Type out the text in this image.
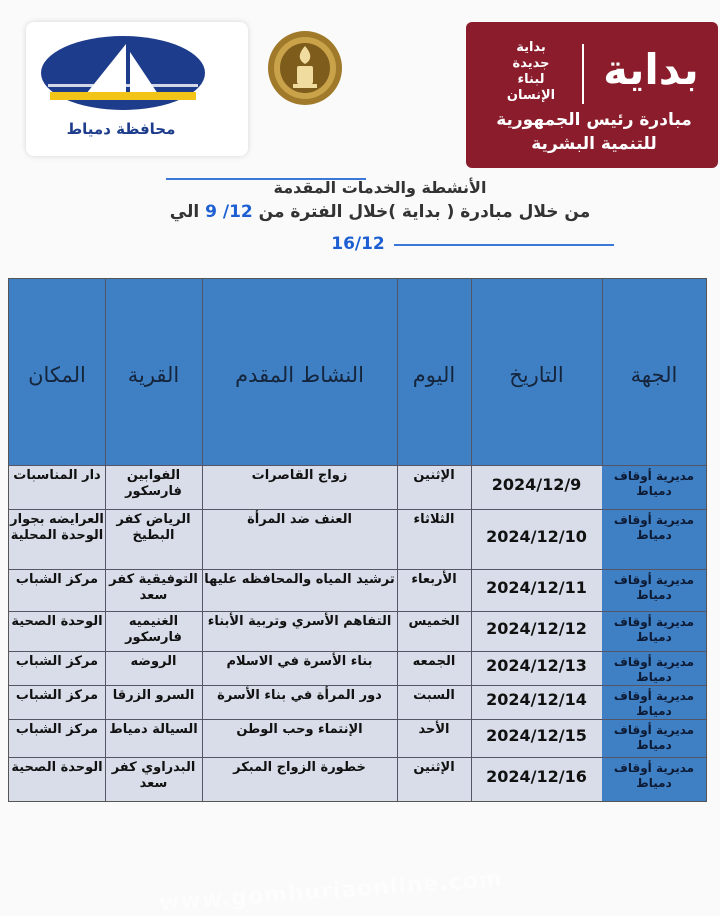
محافظة دمياط
بداية
جديدة
لبناء
الإنسان
بداية
مبادرة رئيس الجمهورية
للتنمية البشرية
الأنشطة والخدمات المقدمة
من خلال مبادرة ( بداية )خلال الفترة من 12/ 9 الي
16/12
www.gomhuriaonline.com
الجهة
التاريخ
اليوم
النشاط المقدم
القرية
المكان
مديرية أوقاف دمياط
2024/12/9
الإثنين
زواج القاصرات
الفوابين فارسكور
دار المناسبات
مديرية أوقاف دمياط
2024/12/10
الثلاثاء
العنف ضد المرأة
الرياض كفر البطيخ
العرايضه بجوار الوحدة المحلية
مديرية أوقاف دمياط
2024/12/11
الأربعاء
ترشيد المياه والمحافظه عليها
التوفيقية كفر سعد
مركز الشباب
مديرية أوقاف دمياط
2024/12/12
الخميس
التفاهم الأسري وتربية الأبناء
الغنيميه فارسكور
الوحدة الصحية
مديرية أوقاف دمياط
2024/12/13
الجمعه
بناء الأسرة في الاسلام
الروضه
مركز الشباب
مديرية أوقاف دمياط
2024/12/14
السبت
دور المرأة في بناء الأسرة
السرو الزرقا
مركز الشباب
مديرية أوقاف دمياط
2024/12/15
الأحد
الإنتماء وحب الوطن
السيالة دمياط
مركز الشباب
مديرية أوقاف دمياط
2024/12/16
الإثنين
خطورة الزواج المبكر
البدراوي كفر سعد
الوحدة الصحية
